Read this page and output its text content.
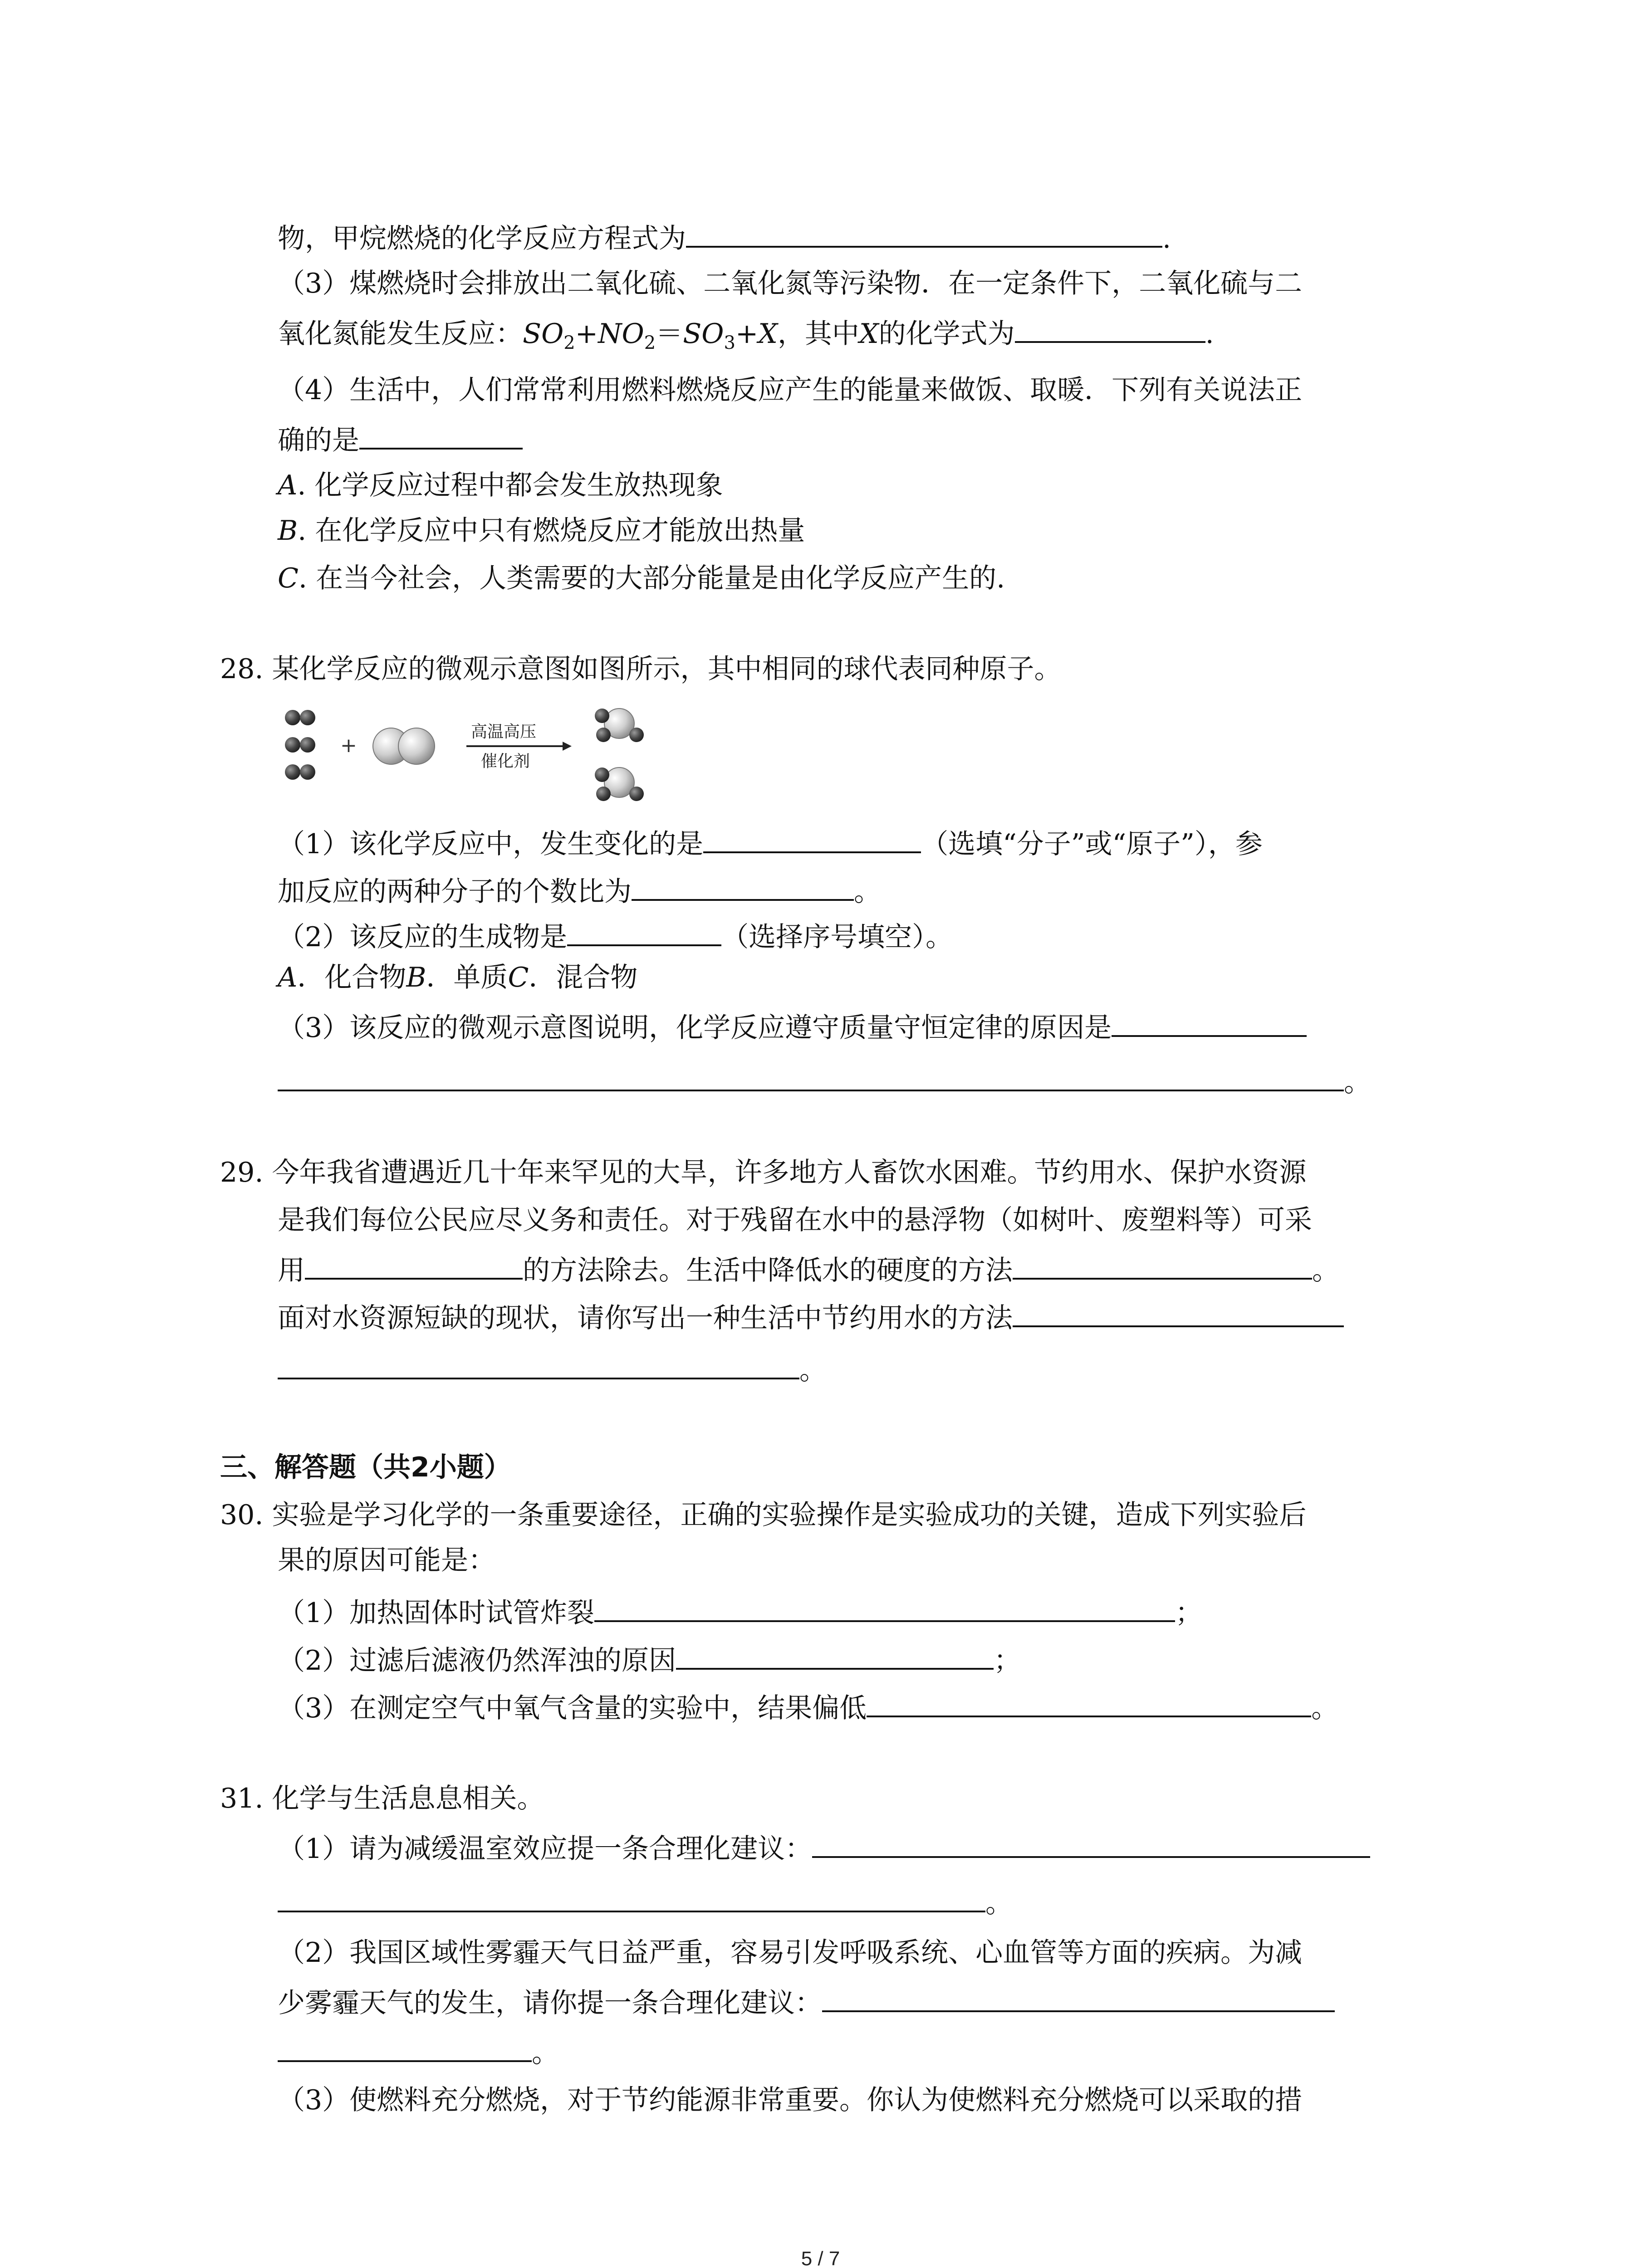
物，甲烷燃烧的化学反应方程式为	.
（3）煤燃烧时会排放出二氧化硫、二氧化氮等污染物．在一定条件下，二氧化硫与二
氧化氮能发生反应：$SO_2+NO_2=SO_3+X$，其中X的化学式为	.
（4）生活中，人们常常利用燃料燃烧反应产生的能量来做饭、取暖．下列有关说法正
确的是
A. 化学反应过程中都会发生放热现象
B. 在化学反应中只有燃烧反应才能放出热量
C. 在当今社会，人类需要的大部分能量是由化学反应产生的.
28. 某化学反应的微观示意图如图所示，其中相同的球代表同种原子。
+
高温高压
催化剂
（1）该化学反应中，发生变化的是	（选填“分子”或“原子”），参
加反应的两种分子的个数比为	。
（2）该反应的生成物是	（选择序号填空）。
A．化合物B．单质C．混合物
（3）该反应的微观示意图说明，化学反应遵守质量守恒定律的原因是
。
29. 今年我省遭遇近几十年来罕见的大旱，许多地方人畜饮水困难。节约用水、保护水资源
是我们每位公民应尽义务和责任。对于残留在水中的悬浮物（如树叶、废塑料等）可采
用	的方法除去。生活中降低水的硬度的方法	。
面对水资源短缺的现状，请你写出一种生活中节约用水的方法
。
三、解答题（共2小题）
30. 实验是学习化学的一条重要途径，正确的实验操作是实验成功的关键，造成下列实验后
果的原因可能是：
（1）加热固体时试管炸裂	；
（2）过滤后滤液仍然浑浊的原因	；
（3）在测定空气中氧气含量的实验中，结果偏低	。
31. 化学与生活息息相关。
（1）请为减缓温室效应提一条合理化建议：
。
（2）我国区域性雾霾天气日益严重，容易引发呼吸系统、心血管等方面的疾病。为减
少雾霾天气的发生，请你提一条合理化建议：
。
（3）使燃料充分燃烧，对于节约能源非常重要。你认为使燃料充分燃烧可以采取的措
5 / 7
